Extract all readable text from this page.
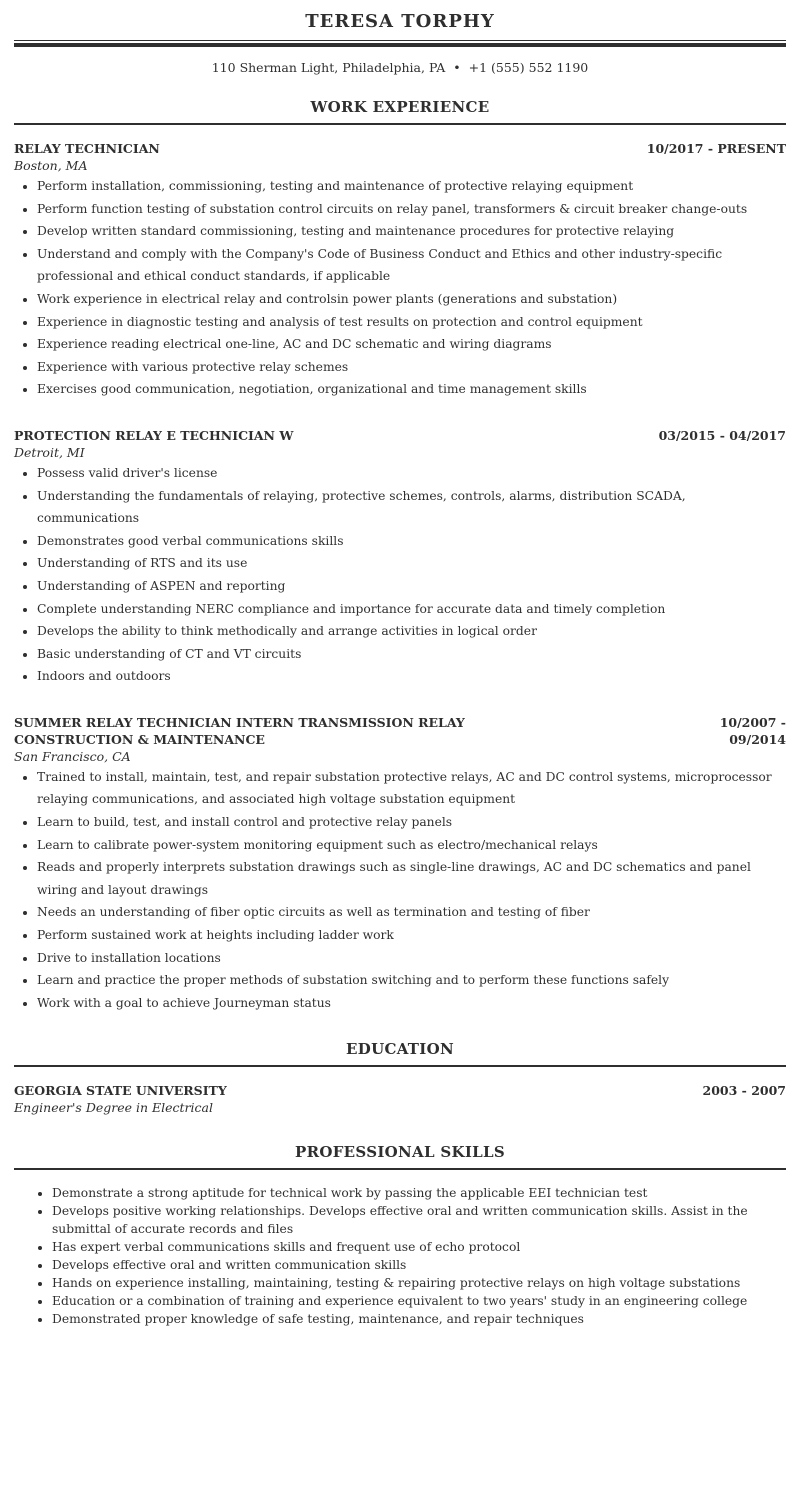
TERESA TORPHY
110 Sherman Light, Philadelphia, PA • +1 (555) 552 1190
WORK EXPERIENCE
RELAY TECHNICIAN	10/2017 - PRESENT
Boston, MA
• Perform installation, commissioning, testing and maintenance of protective relaying equipment
• Perform function testing of substation control circuits on relay panel, transformers & circuit breaker change-outs
• Develop written standard commissioning, testing and maintenance procedures for protective relaying
• Understand and comply with the Company's Code of Business Conduct and Ethics and other industry-specific professional and ethical conduct standards, if applicable
• Work experience in electrical relay and controlsin power plants (generations and substation)
• Experience in diagnostic testing and analysis of test results on protection and control equipment
• Experience reading electrical one-line, AC and DC schematic and wiring diagrams
• Experience with various protective relay schemes
• Exercises good communication, negotiation, organizational and time management skills
PROTECTION RELAY E TECHNICIAN W	03/2015 - 04/2017
Detroit, MI
• Possess valid driver's license
• Understanding the fundamentals of relaying, protective schemes, controls, alarms, distribution SCADA, communications
• Demonstrates good verbal communications skills
• Understanding of RTS and its use
• Understanding of ASPEN and reporting
• Complete understanding NERC compliance and importance for accurate data and timely completion
• Develops the ability to think methodically and arrange activities in logical order
• Basic understanding of CT and VT circuits
• Indoors and outdoors
SUMMER RELAY TECHNICIAN INTERN TRANSMISSION RELAY CONSTRUCTION & MAINTENANCE
10/2007 - 09/2014
San Francisco, CA
• Trained to install, maintain, test, and repair substation protective relays, AC and DC control systems, microprocessor relaying communications, and associated high voltage substation equipment
• Learn to build, test, and install control and protective relay panels
• Learn to calibrate power-system monitoring equipment such as electro/mechanical relays
• Reads and properly interprets substation drawings such as single-line drawings, AC and DC schematics and panel wiring and layout drawings
• Needs an understanding of fiber optic circuits as well as termination and testing of fiber
• Perform sustained work at heights including ladder work
• Drive to installation locations
• Learn and practice the proper methods of substation switching and to perform these functions safely
• Work with a goal to achieve Journeyman status
EDUCATION
GEORGIA STATE UNIVERSITY	2003 - 2007
Engineer's Degree in Electrical
PROFESSIONAL SKILLS
• Demonstrate a strong aptitude for technical work by passing the applicable EEI technician test
• Develops positive working relationships. Develops effective oral and written communication skills. Assist in the submittal of accurate records and files
• Has expert verbal communications skills and frequent use of echo protocol
• Develops effective oral and written communication skills
• Hands on experience installing, maintaining, testing & repairing protective relays on high voltage substations
• Education or a combination of training and experience equivalent to two years' study in an engineering college
• Demonstrated proper knowledge of safe testing, maintenance, and repair techniques
